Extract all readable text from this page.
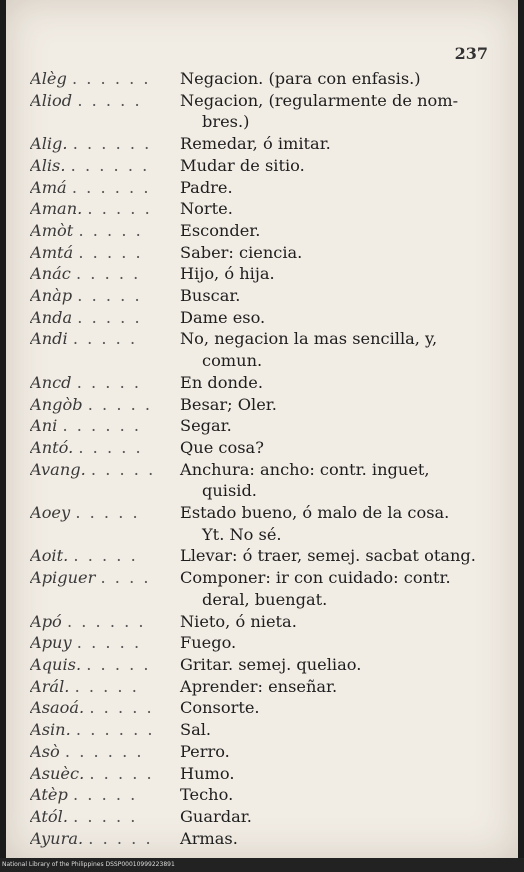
237
Alèg . . . . . .	Negacion. (para con enfasis.)
Aliod . . . . .	Negacion, (regularmente de nom-
bres.)
Alig. . . . . . .	Remedar, ó imitar.
Alis. . . . . . .	Mudar de sitio.
Amá . . . . . .	Padre.
Aman. . . . . .	Norte.
Amòt . . . . .	Esconder.
Amtá . . . . .	Saber: ciencia.
Anác . . . . .	Hijo, ó hija.
Anàp . . . . .	Buscar.
Anda . . . . .	Dame eso.
Andi . . . . .	No, negacion la mas sencilla, y,
comun.
Ancd . . . . .	En donde.
Angòb . . . . .	Besar; Oler.
Ani . . . . . .	Segar.
Antó. . . . . .	Que cosa?
Avang. . . . . .	Anchura: ancho: contr. inguet,
quisid.
Aoey . . . . .	Estado bueno, ó malo de la cosa.
Yt. No sé.
Aoit. . . . . .	Llevar: ó traer, semej. sacbat otang.
Apiguer . . . .	Componer: ir con cuidado: contr.
deral, buengat.
Apó . . . . . .	Nieto, ó nieta.
Apuy . . . . .	Fuego.
Aquis. . . . . .	Gritar. semej. queliao.
Arál. . . . . .	Aprender: enseñar.
Asaoá. . . . . .	Consorte.
Asin. . . . . . .	Sal.
Asò . . . . . .	Perro.
Asuèc. . . . . .	Humo.
Atèp . . . . .	Techo.
Atól. . . . . .	Guardar.
Ayura. . . . . .	Armas.
National Library of the Philippines DSSP00010999223891
